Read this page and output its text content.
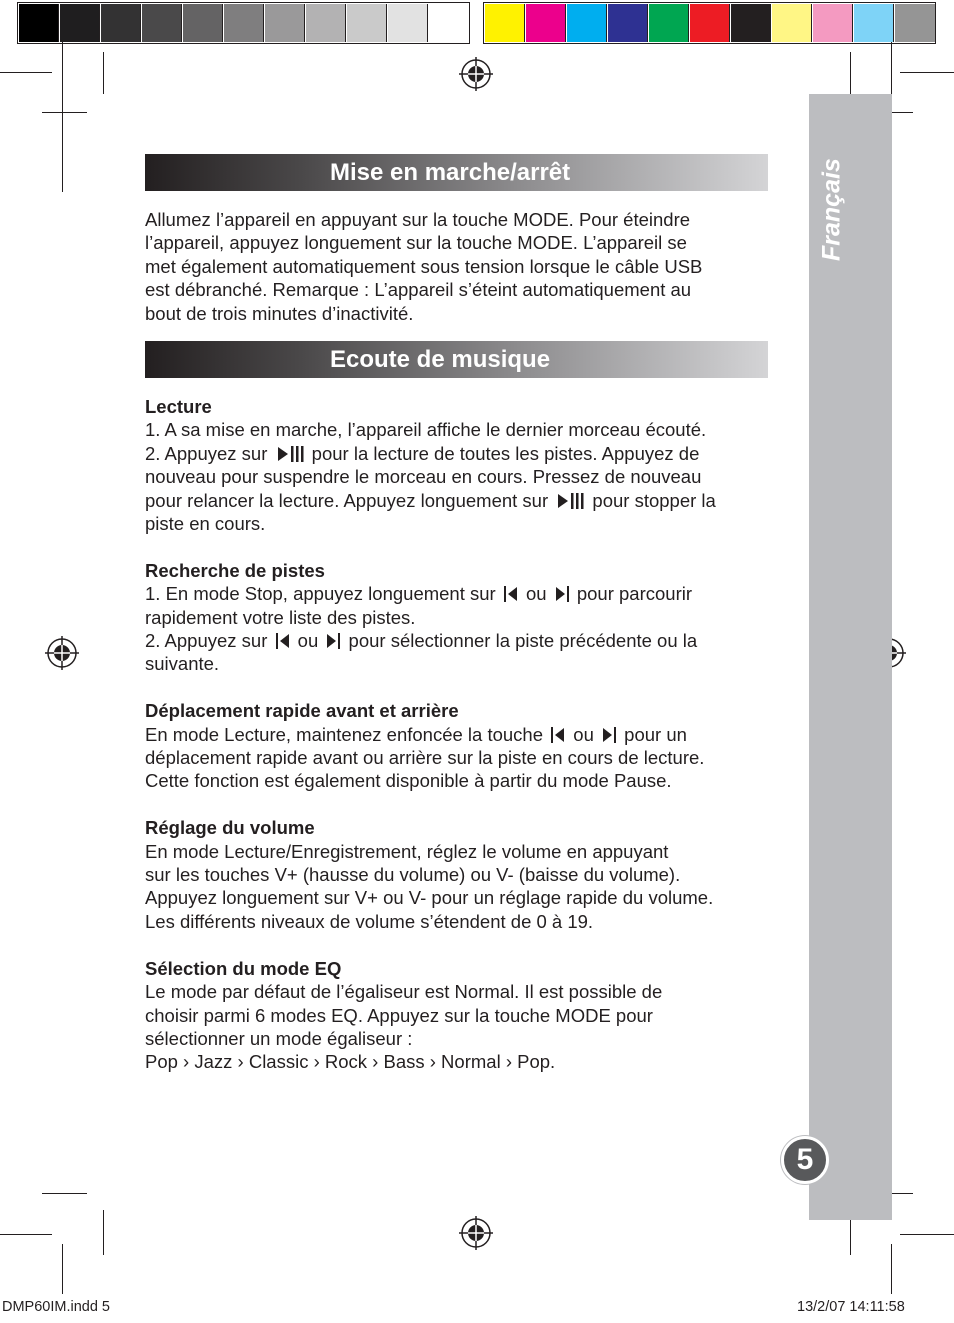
Français
5
Mise en marche/arrêt

Allumez l’appareil en appuyant sur la touche MODE. Pour éteindre

l’appareil, appuyez longuement sur la touche MODE. L’appareil se

met également automatiquement sous tension lorsque le câble USB

est débranché. Remarque : L’appareil s’éteint automatiquement au

bout de trois minutes d’inactivité.

Ecoute de musique

Lecture

1. A sa mise en marche, l’appareil affiche le dernier morceau écouté.

2. Appuyez sur  pour la lecture de toutes les pistes. Appuyez de

nouveau pour suspendre le morceau en cours. Pressez de nouveau

pour relancer la lecture. Appuyez longuement sur  pour stopper la

piste en cours.

Recherche de pistes

1. En mode Stop, appuyez longuement sur  ou  pour parcourir

rapidement votre liste des pistes.

2. Appuyez sur  ou  pour sélectionner la piste précédente ou la

suivante.

Déplacement rapide avant et arrière

En mode Lecture, maintenez enfoncée la touche  ou  pour un

déplacement rapide avant ou arrière sur la piste en cours de lecture.

Cette fonction est également disponible à partir du mode Pause.

Réglage du volume

En mode Lecture/Enregistrement, réglez le volume en appuyant

sur les touches V+ (hausse du volume) ou V- (baisse du volume).

Appuyez longuement sur V+ ou V- pour un réglage rapide du volume.

Les différents niveaux de volume s’étendent de 0 à 19.

Sélection du mode EQ

Le mode par défaut de l’égaliseur est Normal. Il est possible de

choisir parmi 6 modes EQ. Appuyez sur la touche MODE pour

sélectionner un mode égaliseur :

Pop › Jazz › Classic › Rock › Bass › Normal › Pop.

DMP60IM.indd 5	13/2/07 14:11:58
